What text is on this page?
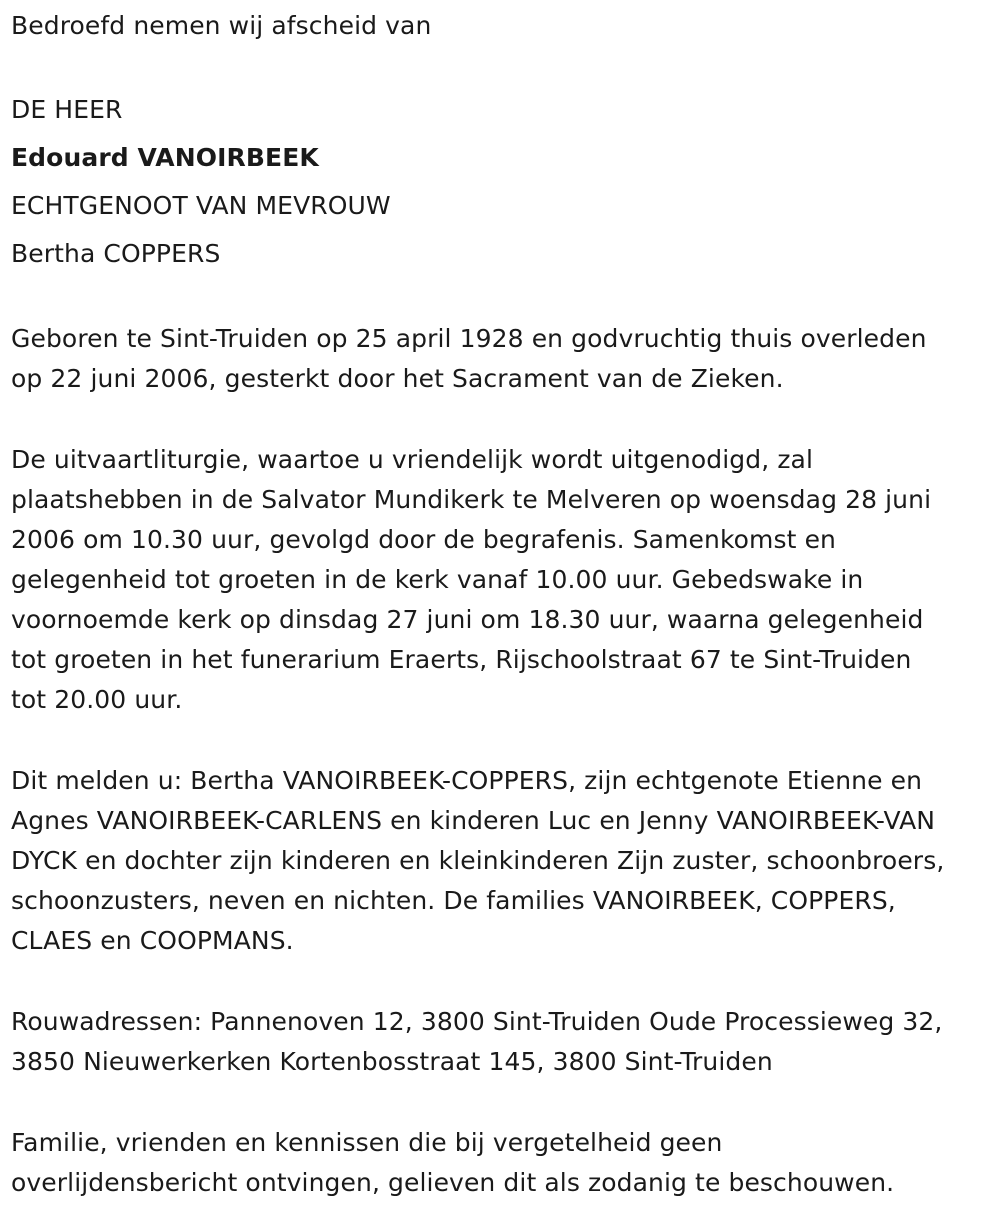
Bedroefd nemen wij afscheid van
DE HEER
Edouard VANOIRBEEK
ECHTGENOOT VAN MEVROUW
Bertha COPPERS
Geboren te Sint-Truiden op 25 april 1928 en godvruchtig thuis overleden
op 22 juni 2006, gesterkt door het Sacrament van de Zieken.
De uitvaartliturgie, waartoe u vriendelijk wordt uitgenodigd, zal
plaatshebben in de Salvator Mundikerk te Melveren op woensdag 28 juni
2006 om 10.30 uur, gevolgd door de begrafenis. Samenkomst en
gelegenheid tot groeten in de kerk vanaf 10.00 uur. Gebedswake in
voornoemde kerk op dinsdag 27 juni om 18.30 uur, waarna gelegenheid
tot groeten in het funerarium Eraerts, Rijschoolstraat 67 te Sint-Truiden
tot 20.00 uur.
Dit melden u: Bertha VANOIRBEEK-COPPERS, zijn echtgenote Etienne en
Agnes VANOIRBEEK-CARLENS en kinderen Luc en Jenny VANOIRBEEK-VAN
DYCK en dochter zijn kinderen en kleinkinderen Zijn zuster, schoonbroers,
schoonzusters, neven en nichten. De families VANOIRBEEK, COPPERS,
CLAES en COOPMANS.
Rouwadressen: Pannenoven 12, 3800 Sint-Truiden Oude Processieweg 32,
3850 Nieuwerkerken Kortenbosstraat 145, 3800 Sint-Truiden
Familie, vrienden en kennissen die bij vergetelheid geen
overlijdensbericht ontvingen, gelieven dit als zodanig te beschouwen.
